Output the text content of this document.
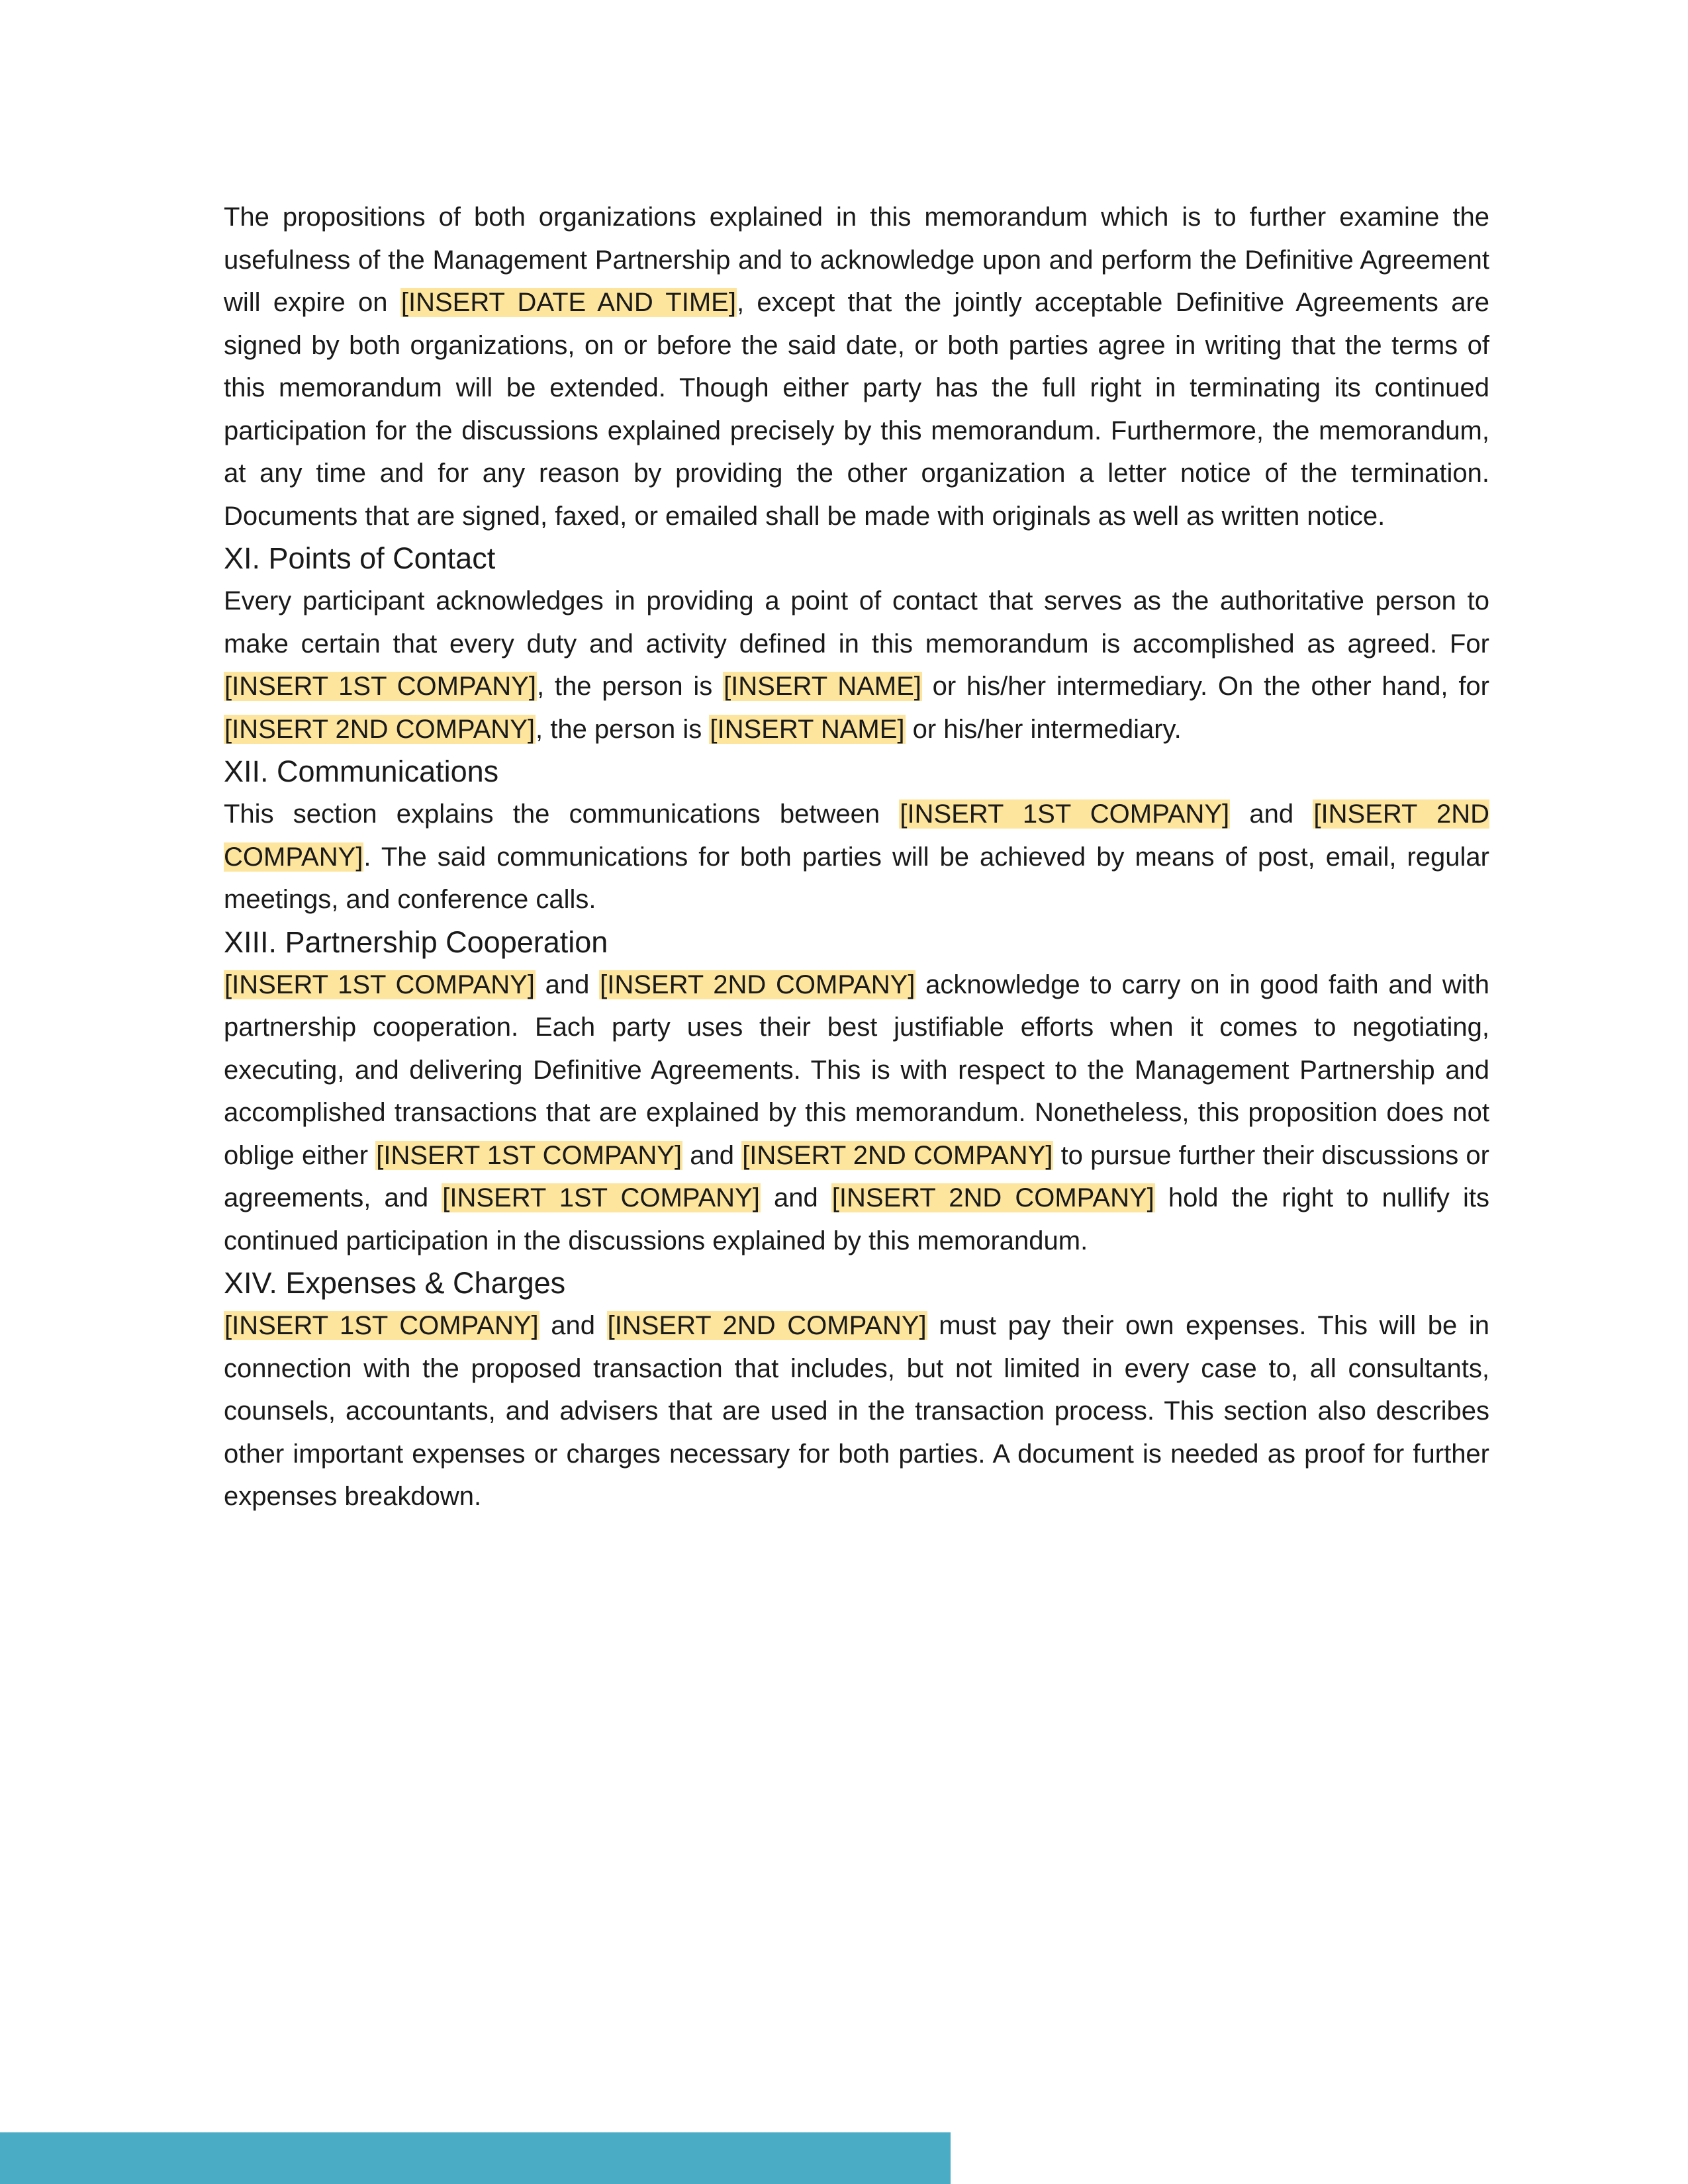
The propositions of both organizations explained in this memorandum which is to further examine the usefulness of the Management Partnership and to acknowledge upon and perform the Definitive Agreement will expire on [INSERT DATE AND TIME], except that the jointly acceptable Definitive Agreements are signed by both organizations, on or before the said date, or both parties agree in writing that the terms of this memorandum will be extended. Though either party has the full right in terminating its continued participation for the discussions explained precisely by this memorandum. Furthermore, the memorandum, at any time and for any reason by providing the other organization a letter notice of the termination. Documents that are signed, faxed, or emailed shall be made with originals as well as written notice.

XI. Points of Contact

Every participant acknowledges in providing a point of contact that serves as the authoritative person to make certain that every duty and activity defined in this memorandum is accomplished as agreed. For [INSERT 1ST COMPANY], the person is [INSERT NAME] or his/her intermediary. On the other hand, for [INSERT 2ND COMPANY], the person is [INSERT NAME] or his/her intermediary.

XII. Communications

This section explains the communications between [INSERT 1ST COMPANY] and [INSERT 2ND COMPANY]. The said communications for both parties will be achieved by means of post, email, regular meetings, and conference calls.

XIII. Partnership Cooperation

[INSERT 1ST COMPANY] and [INSERT 2ND COMPANY] acknowledge to carry on in good faith and with partnership cooperation. Each party uses their best justifiable efforts when it comes to negotiating, executing, and delivering Definitive Agreements. This is with respect to the Management Partnership and accomplished transactions that are explained by this memorandum. Nonetheless, this proposition does not oblige either [INSERT 1ST COMPANY] and [INSERT 2ND COMPANY] to pursue further their discussions or agreements, and [INSERT 1ST COMPANY] and [INSERT 2ND COMPANY] hold the right to nullify its continued participation in the discussions explained by this memorandum.

XIV. Expenses & Charges

[INSERT 1ST COMPANY] and [INSERT 2ND COMPANY] must pay their own expenses. This will be in connection with the proposed transaction that includes, but not limited in every case to, all consultants, counsels, accountants, and advisers that are used in the transaction process. This section also describes other important expenses or charges necessary for both parties. A document is needed as proof for further expenses breakdown.
